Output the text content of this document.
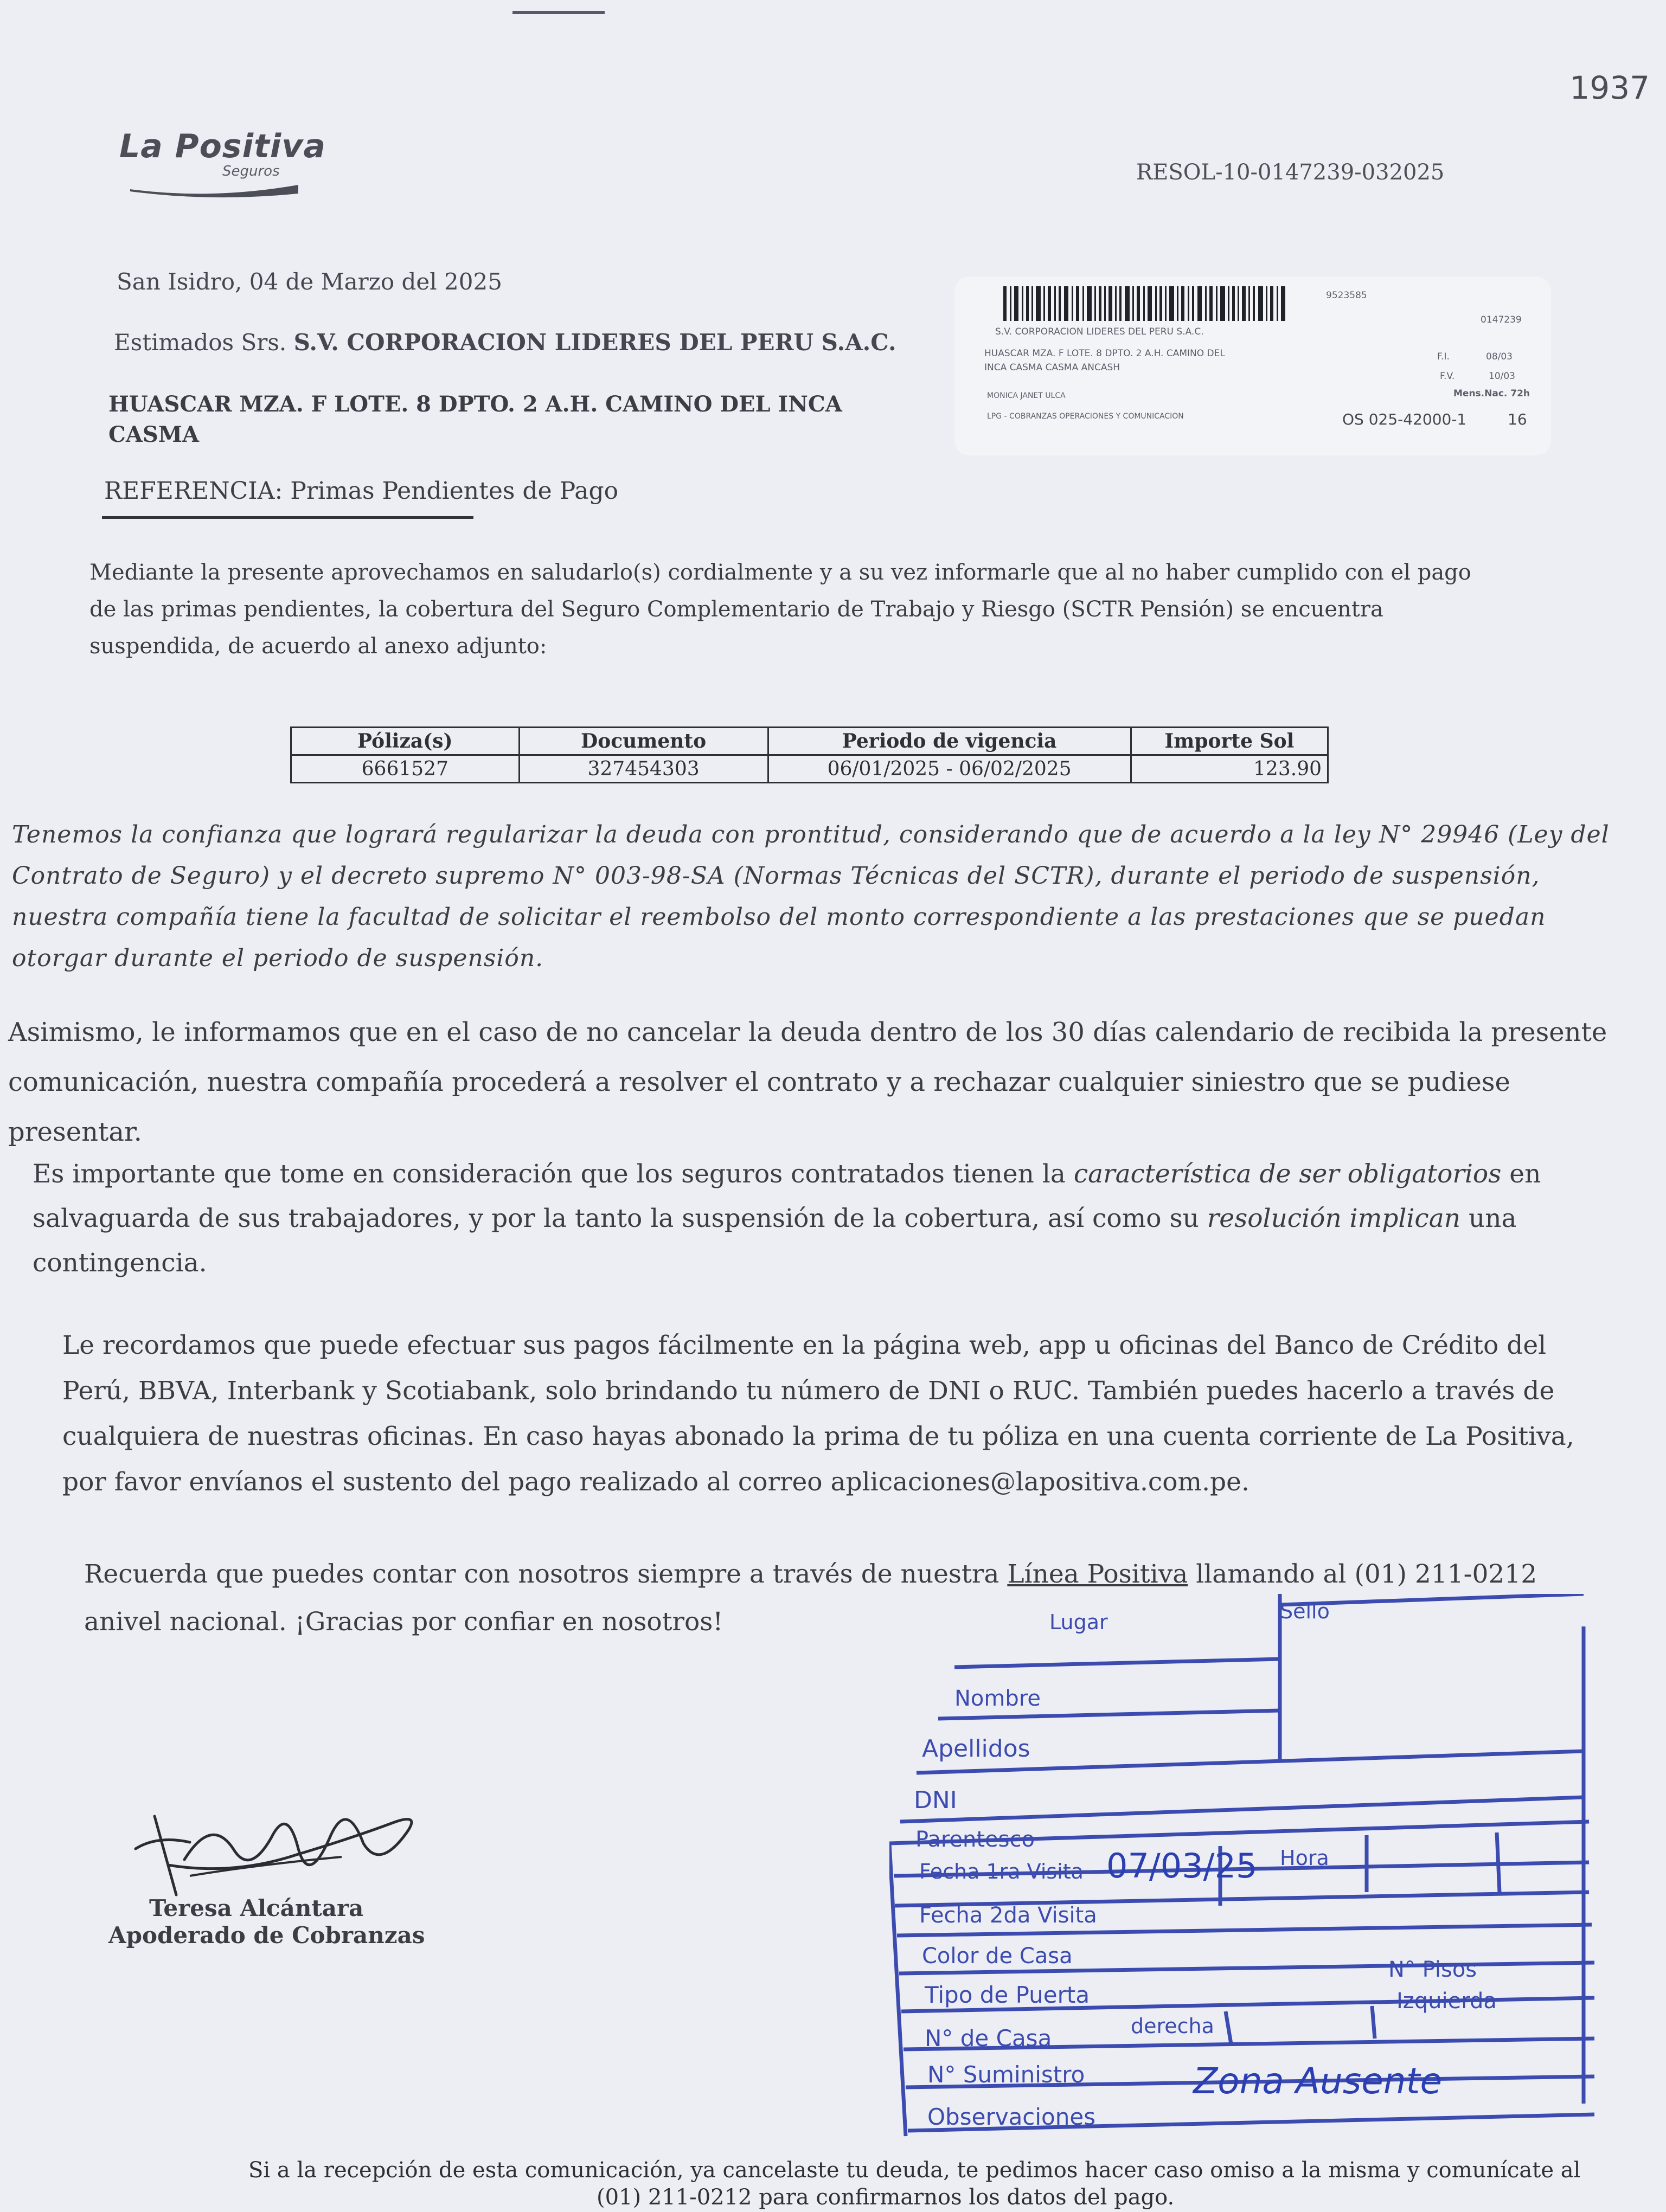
1937
La Positiva
Seguros	RESOL-10-0147239-032025
San Isidro, 04 de Marzo del 2025
Estimados Srs. S.V. CORPORACION LIDERES DEL PERU S.A.C.
HUASCAR MZA. F LOTE. 8 DPTO. 2 A.H. CAMINO DEL INCA
CASMA
REFERENCIA: Primas Pendientes de Pago
9523585
0147239
S.V. CORPORACION LIDERES DEL PERU S.A.C.
HUASCAR MZA. F LOTE. 8 DPTO. 2 A.H. CAMINO DEL
INCA CASMA CASMA ANCASH
F.I.	08/03
F.V.	10/03
Mens.Nac. 72h
MONICA JANET ULCA
LPG - COBRANZAS OPERACIONES Y COMUNICACION	OS 025-42000-1	16
Mediante la presente aprovechamos en saludarlo(s) cordialmente y a su vez informarle que al no haber cumplido con el pago de las primas pendientes, la cobertura del Seguro Complementario de Trabajo y Riesgo (SCTR Pensión) se encuentra suspendida, de acuerdo al anexo adjunto:
Póliza(s)	Documento	Periodo de vigencia	Importe Sol
6661527	327454303	06/01/2025 - 06/02/2025	123.90
Tenemos la confianza que logrará regularizar la deuda con prontitud, considerando que de acuerdo a la ley N° 29946 (Ley del Contrato de Seguro) y el decreto supremo N° 003-98-SA (Normas Técnicas del SCTR), durante el periodo de suspensión, nuestra compañía tiene la facultad de solicitar el reembolso del monto correspondiente a las prestaciones que se puedan otorgar durante el periodo de suspensión.
Asimismo, le informamos que en el caso de no cancelar la deuda dentro de los 30 días calendario de recibida la presente comunicación, nuestra compañía procederá a resolver el contrato y a rechazar cualquier siniestro que se pudiese presentar.
Es importante que tome en consideración que los seguros contratados tienen la característica de ser obligatorios en salvaguarda de sus trabajadores, y por la tanto la suspensión de la cobertura, así como su resolución implican una contingencia.
Le recordamos que puede efectuar sus pagos fácilmente en la página web, app u oficinas del Banco de Crédito del Perú, BBVA, Interbank y Scotiabank, solo brindando tu número de DNI o RUC. También puedes hacerlo a través de cualquiera de nuestras oficinas. En caso hayas abonado la prima de tu póliza en una cuenta corriente de La Positiva, por favor envíanos el sustento del pago realizado al correo aplicaciones@lapositiva.com.pe.
Recuerda que puedes contar con nosotros siempre a través de nuestra Línea Positiva llamando al (01) 211-0212 anivel nacional. ¡Gracias por confiar en nosotros!
Teresa Alcántara
Apoderado de Cobranzas
Lugar	Sello
Nombre
Apellidos
DNI
Parentesco
Fecha 1ra Visita 07/03/25 Hora
Fecha 2da Visita
Color de Casa
N° Pisos
Tipo de Puerta	Izquierda
N° de Casa	derecha
N° Suministro
Observaciones
Zona Ausente
Si a la recepción de esta comunicación, ya cancelaste tu deuda, te pedimos hacer caso omiso a la misma y comunícate al
(01) 211-0212 para confirmarnos los datos del pago.
